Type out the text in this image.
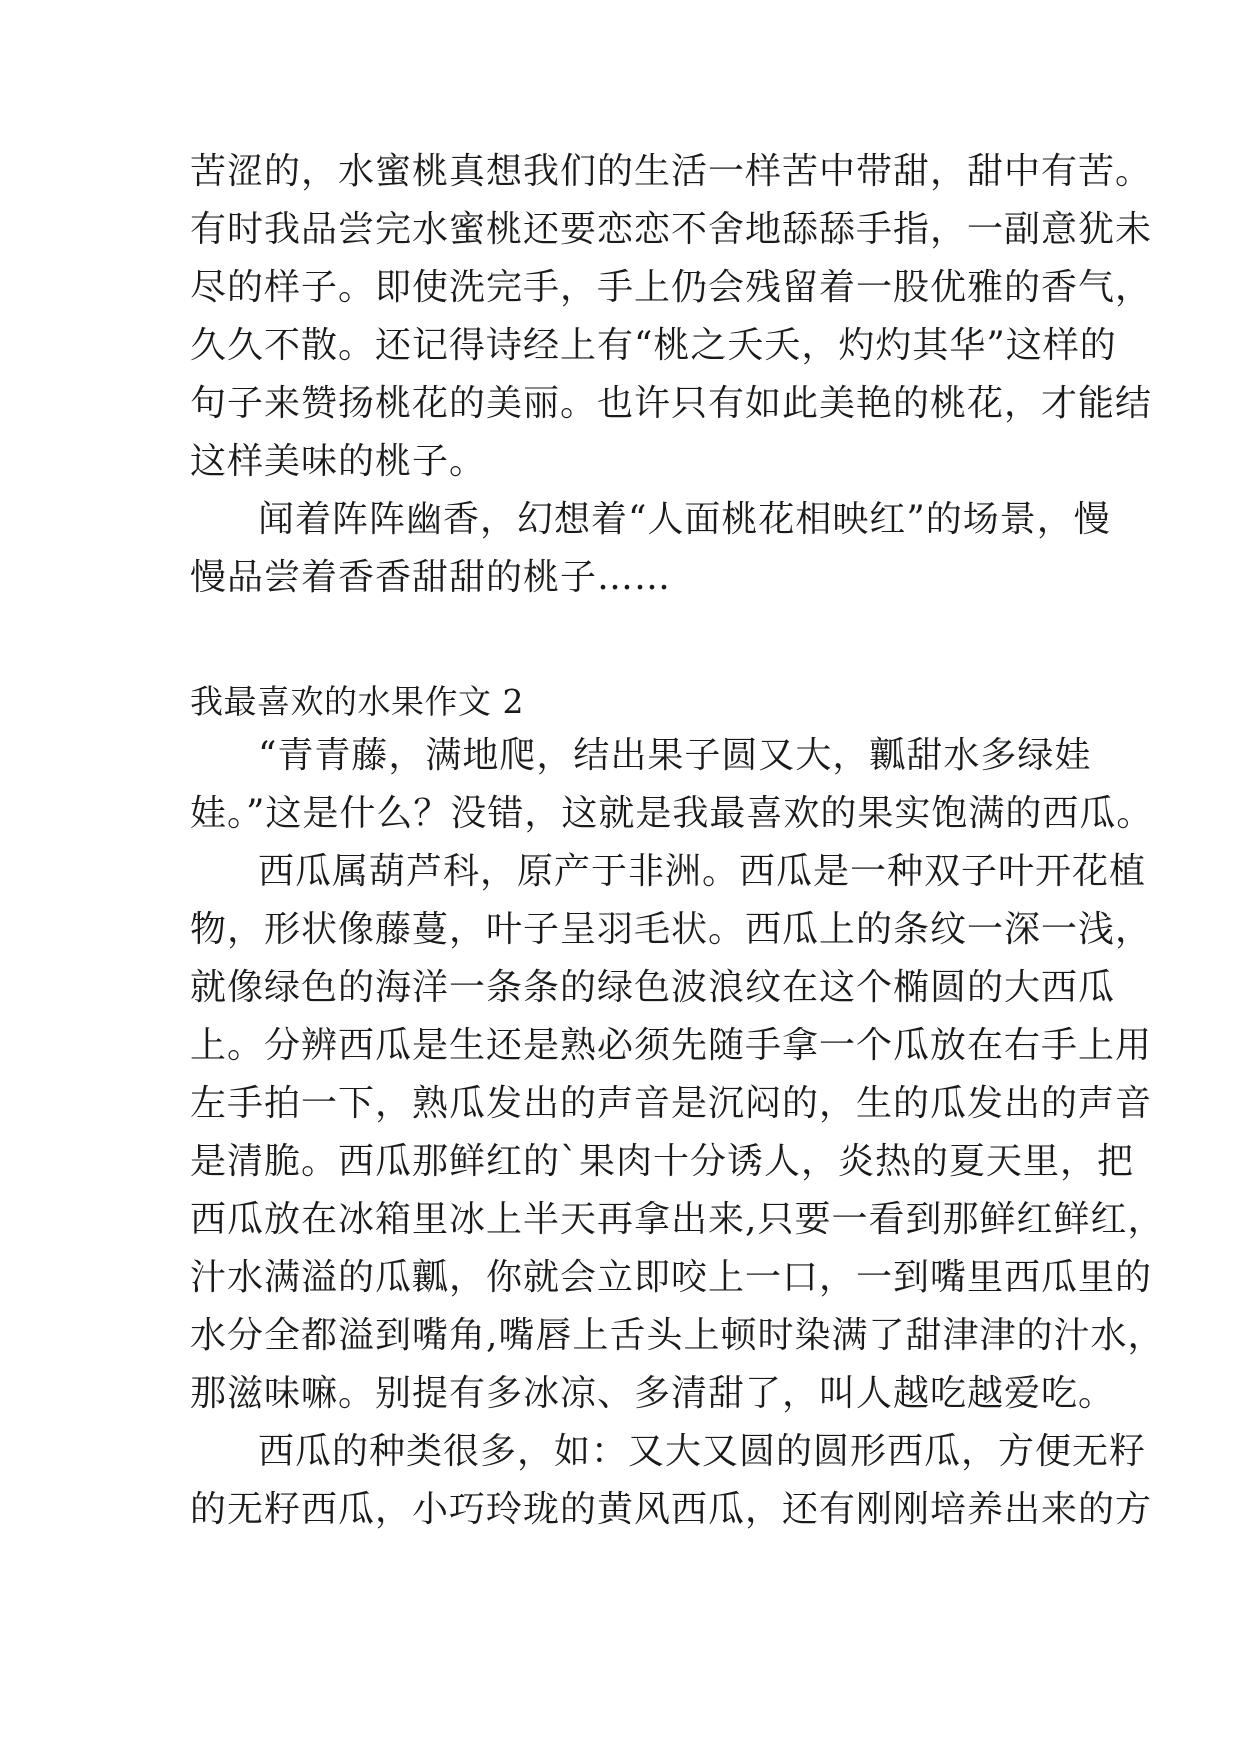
苦涩的，水蜜桃真想我们的生活一样苦中带甜，甜中有苦。
有时我品尝完水蜜桃还要恋恋不舍地舔舔手指，一副意犹未
尽的样子。即使洗完手，手上仍会残留着一股优雅的香气，
久久不散。还记得诗经上有“桃之夭夭，灼灼其华”这样的
句子来赞扬桃花的美丽。也许只有如此美艳的桃花，才能结
这样美味的桃子。
闻着阵阵幽香，幻想着“人面桃花相映红”的场景，慢
慢品尝着香香甜甜的桃子……
我最喜欢的水果作文 2
“青青藤，满地爬，结出果子圆又大，瓤甜水多绿娃
娃。”这是什么？没错，这就是我最喜欢的果实饱满的西瓜。
西瓜属葫芦科，原产于非洲。西瓜是一种双子叶开花植
物，形状像藤蔓，叶子呈羽毛状。西瓜上的条纹一深一浅，
就像绿色的海洋一条条的绿色波浪纹在这个椭圆的大西瓜
上。分辨西瓜是生还是熟必须先随手拿一个瓜放在右手上用
左手拍一下，熟瓜发出的声音是沉闷的，生的瓜发出的声音
是清脆。西瓜那鲜红的`果肉十分诱人，炎热的夏天里，把
西瓜放在冰箱里冰上半天再拿出来,只要一看到那鲜红鲜红，
汁水满溢的瓜瓤，你就会立即咬上一口，一到嘴里西瓜里的
水分全都溢到嘴角,嘴唇上舌头上顿时染满了甜津津的汁水，
那滋味嘛。别提有多冰凉、多清甜了，叫人越吃越爱吃。
西瓜的种类很多，如：又大又圆的圆形西瓜，方便无籽
的无籽西瓜，小巧玲珑的黄风西瓜，还有刚刚培养出来的方
